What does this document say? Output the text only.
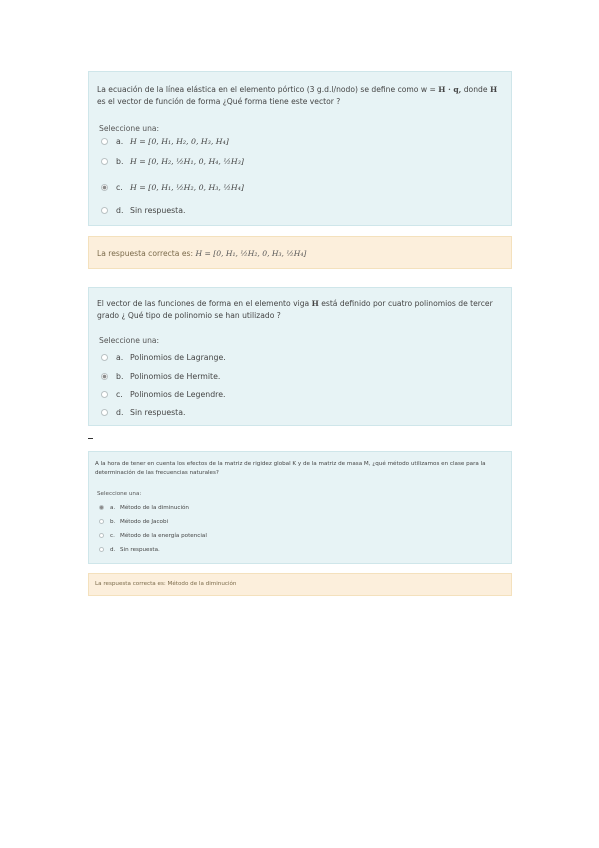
La ecuación de la línea elástica en el elemento pórtico (3 g.d.l/nodo) se define como w = H · q, donde H es el vector de función de forma ¿Qué forma tiene este vector ?
Seleccione una:
a. H = [0, H₁, H₂, 0, H₃, H₄]
b. H = [0, H₂, ½H₁, 0, H₄, ½H₃]
c. H = [0, H₁, ½H₂, 0, H₃, ½H₄]
d. Sin respuesta.
La respuesta correcta es: H = [0, H₁, ½H₂, 0, H₃, ½H₄]
El vector de las funciones de forma en el elemento viga H está definido por cuatro polinomios de tercer grado ¿ Qué tipo de polinomio se han utilizado ?
Seleccione una:
a. Polinomios de Lagrange.
b. Polinomios de Hermite.
c. Polinomios de Legendre.
d. Sin respuesta.
A la hora de tener en cuenta los efectos de la matriz de rigidez global K y de la matriz de masa M, ¿qué método utilizamos en clase para la determinación de las frecuencias naturales?
Seleccione una:
a. Método de la diminución
b. Método de Jacobi
c. Método de la energía potencial
d. Sin respuesta.
La respuesta correcta es: Método de la diminución
